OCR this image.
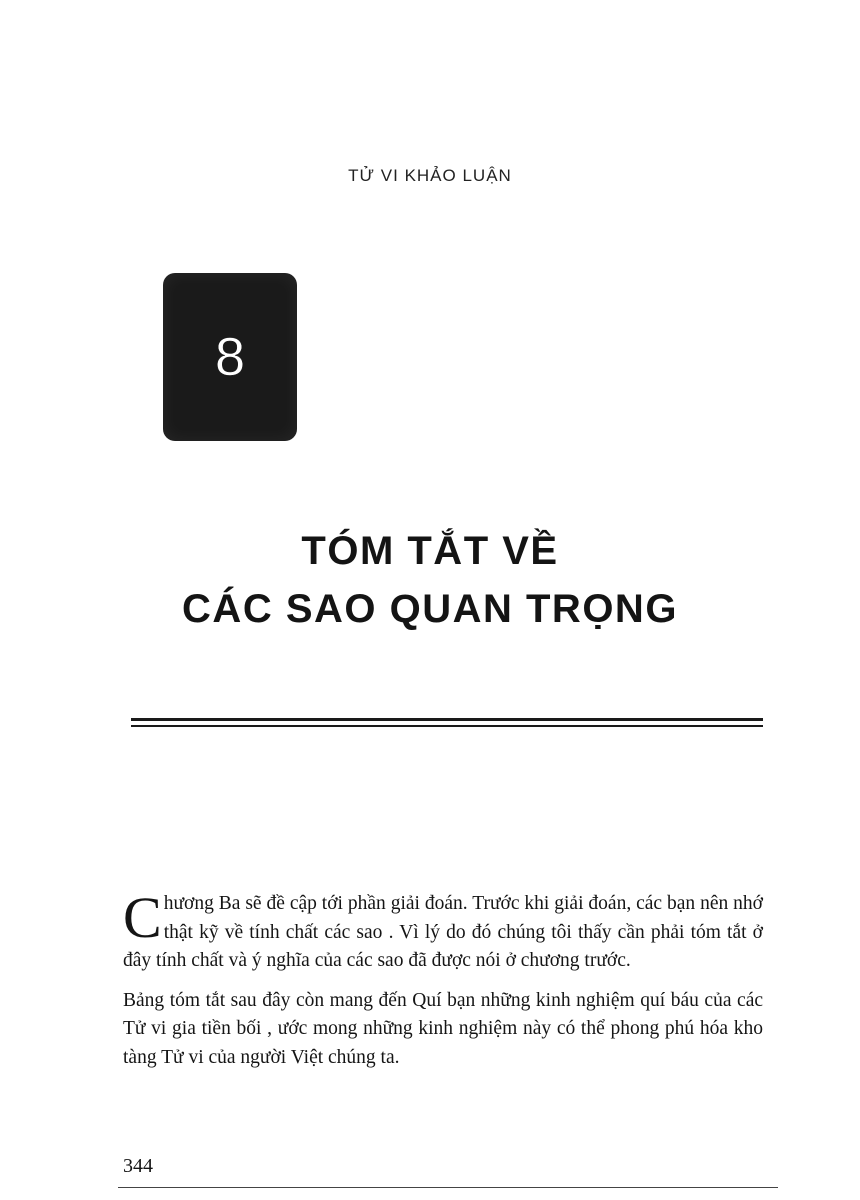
TỬ VI KHẢO LUẬN
8
TÓM TẮT VỀ
CÁC SAO QUAN TRỌNG

Chương Ba sẽ đề cập tới phần giải đoán. Trước khi giải đoán, các bạn nên nhớ thật kỹ về tính chất các sao . Vì lý do đó chúng tôi thấy cần phải tóm tắt ở đây tính chất và ý nghĩa của các sao đã được nói ở chương trước.

Bảng tóm tắt sau đây còn mang đến Quí bạn những kinh nghiệm quí báu của các Tử vi gia tiền bối , ước mong những kinh nghiệm này có thể phong phú hóa kho tàng Tử vi của người Việt chúng ta.

344
